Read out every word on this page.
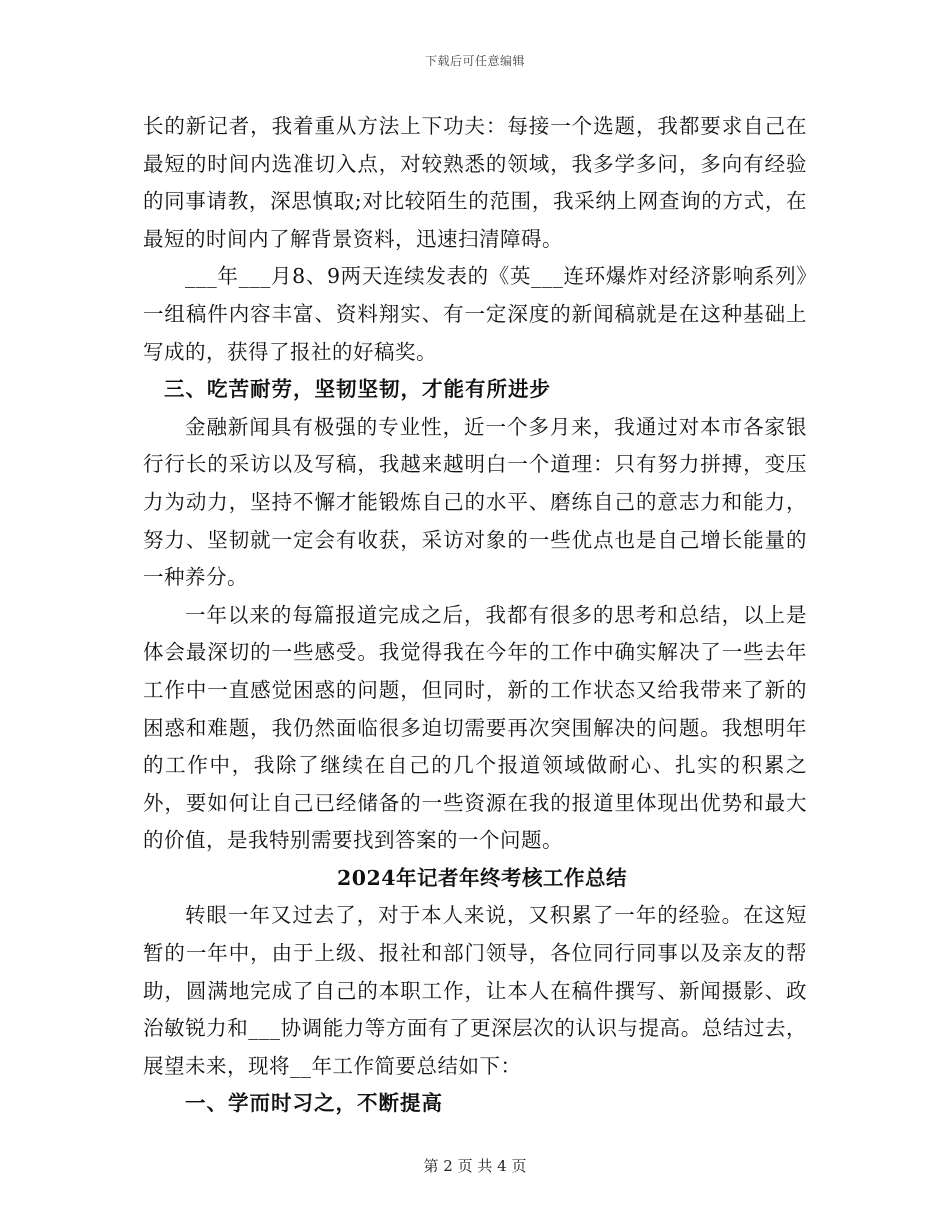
下载后可任意编辑

长的新记者，我着重从方法上下功夫：每接一个选题，我都要求自己在最短的时间内选准切入点，对较熟悉的领域，我多学多问，多向有经验的同事请教，深思慎取;对比较陌生的范围，我采纳上网查询的方式，在最短的时间内了解背景资料，迅速扫清障碍。

___年___月8、9两天连续发表的《英___连环爆炸对经济影响系列》一组稿件内容丰富、资料翔实、有一定深度的新闻稿就是在这种基础上写成的，获得了报社的好稿奖。

三、吃苦耐劳，坚韧坚韧，才能有所进步

金融新闻具有极强的专业性，近一个多月来，我通过对本市各家银行行长的采访以及写稿，我越来越明白一个道理：只有努力拼搏，变压力为动力，坚持不懈才能锻炼自己的水平、磨练自己的意志力和能力，努力、坚韧就一定会有收获，采访对象的一些优点也是自己增长能量的一种养分。

一年以来的每篇报道完成之后，我都有很多的思考和总结，以上是体会最深切的一些感受。我觉得我在今年的工作中确实解决了一些去年工作中一直感觉困惑的问题，但同时，新的工作状态又给我带来了新的困惑和难题，我仍然面临很多迫切需要再次突围解决的问题。我想明年的工作中，我除了继续在自己的几个报道领域做耐心、扎实的积累之外，要如何让自己已经储备的一些资源在我的报道里体现出优势和最大的价值，是我特别需要找到答案的一个问题。

2024年记者年终考核工作总结

转眼一年又过去了，对于本人来说，又积累了一年的经验。在这短暂的一年中，由于上级、报社和部门领导，各位同行同事以及亲友的帮助，圆满地完成了自己的本职工作，让本人在稿件撰写、新闻摄影、政治敏锐力和___协调能力等方面有了更深层次的认识与提高。总结过去，展望未来，现将__年工作简要总结如下：

一、学而时习之，不断提高

第 2 页 共 4 页
